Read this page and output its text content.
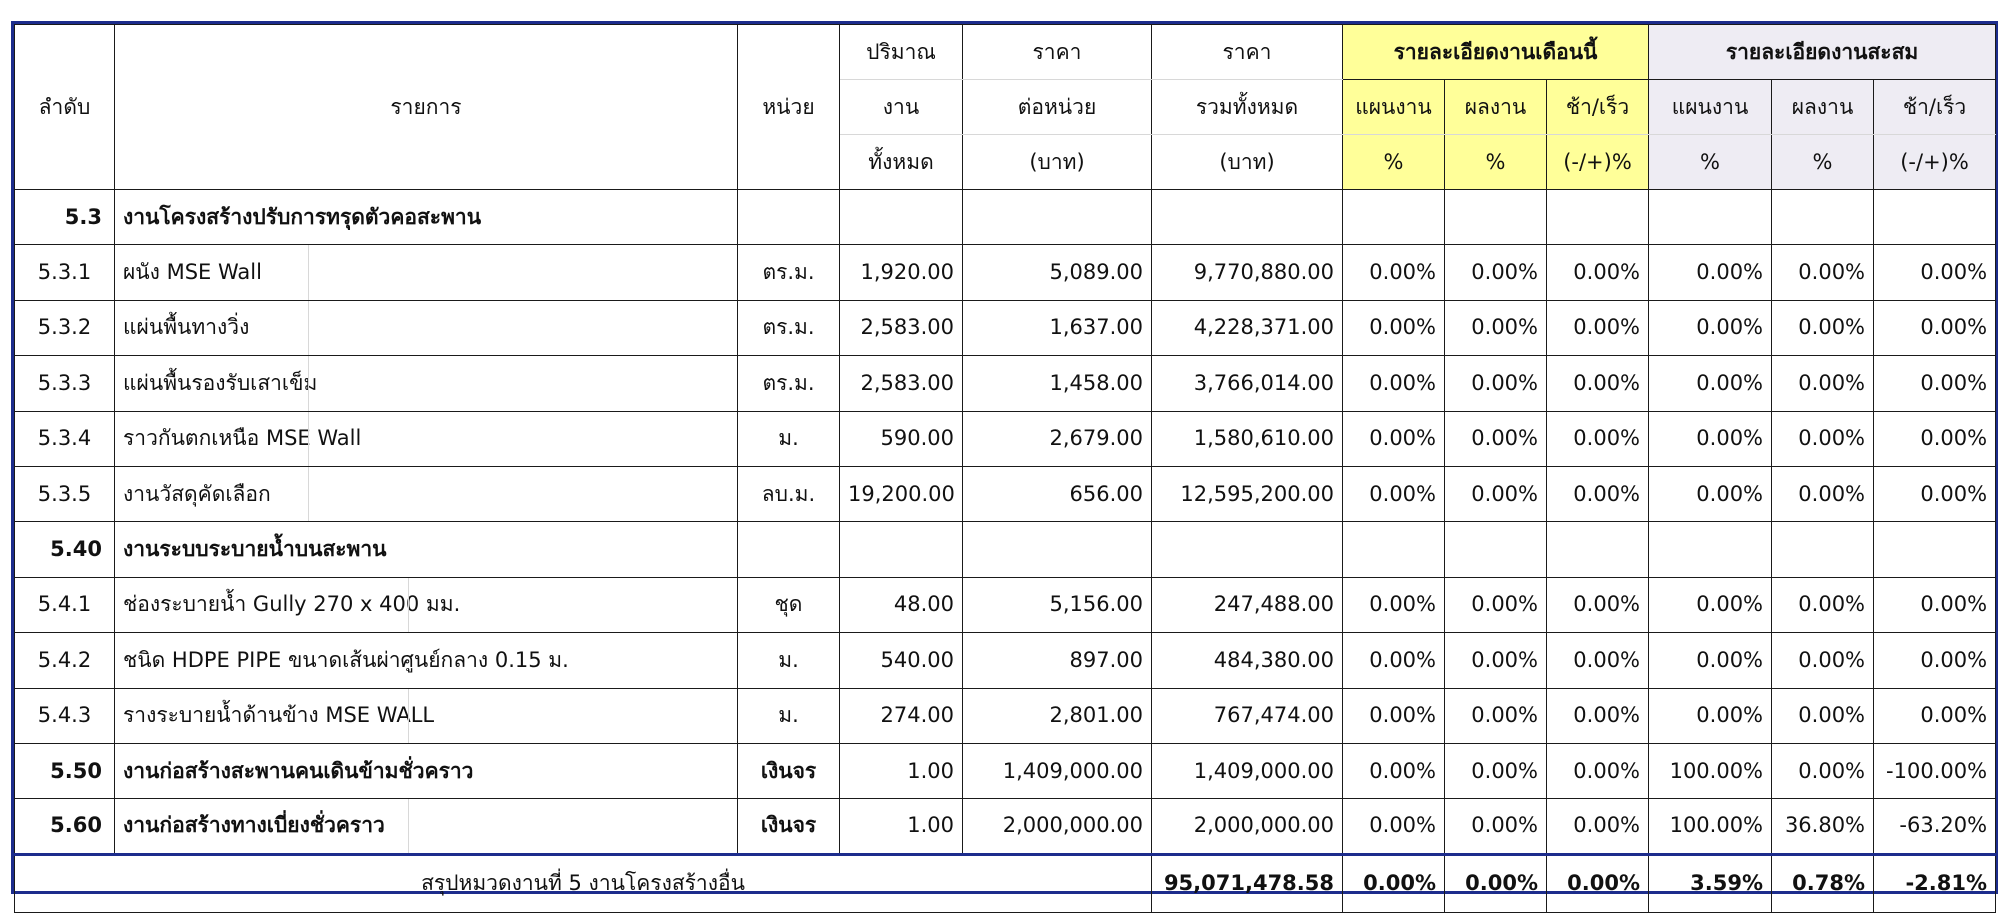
ลำดับ	รายการ	หน่วย	ปริมาณ	ราคา	ราคา	รายละเอียดงานเดือนนี้			รายละเอียดงานสะสม		
			งาน	ต่อหน่วย	รวมทั้งหมด	แผนงาน	ผลงาน	ช้า/เร็ว	แผนงาน	ผลงาน	ช้า/เร็ว
			ทั้งหมด	(บาท)	(บาท)	%	%	(-/+)%	%	%	(-/+)%
5.3	งานโครงสร้างปรับการทรุดตัวคอสะพาน										

5.3.1	ผนัง MSE Wall	ตร.ม.	1,920.00	5,089.00	9,770,880.00	0.00%	0.00%	0.00%	0.00%	0.00%	0.00%
5.3.2	แผ่นพื้นทางวิ่ง	ตร.ม.	2,583.00	1,637.00	4,228,371.00	0.00%	0.00%	0.00%	0.00%	0.00%	0.00%
5.3.3	แผ่นพื้นรองรับเสาเข็ม	ตร.ม.	2,583.00	1,458.00	3,766,014.00	0.00%	0.00%	0.00%	0.00%	0.00%	0.00%
5.3.4	ราวกันตกเหนือ MSE Wall	ม.	590.00	2,679.00	1,580,610.00	0.00%	0.00%	0.00%	0.00%	0.00%	0.00%
5.3.5	งานวัสดุคัดเลือก	ลบ.ม.	19,200.00	656.00	12,595,200.00	0.00%	0.00%	0.00%	0.00%	0.00%	0.00%
5.40	งานระบบระบายน้ำบนสะพาน										

5.4.1	ช่องระบายน้ำ Gully 270 x 400 มม.	ชุด	48.00	5,156.00	247,488.00	0.00%	0.00%	0.00%	0.00%	0.00%	0.00%
5.4.2	ชนิด HDPE PIPE ขนาดเส้นผ่าศูนย์กลาง 0.15 ม.	ม.	540.00	897.00	484,380.00	0.00%	0.00%	0.00%	0.00%	0.00%	0.00%
5.4.3	รางระบายน้ำด้านข้าง MSE WALL	ม.	274.00	2,801.00	767,474.00	0.00%	0.00%	0.00%	0.00%	0.00%	0.00%
5.50	งานก่อสร้างสะพานคนเดินข้ามชั่วคราว	เงินจร	1.00	1,409,000.00	1,409,000.00	0.00%	0.00%	0.00%	100.00%	0.00%	-100.00%
5.60	งานก่อสร้างทางเบี่ยงชั่วคราว	เงินจร	1.00	2,000,000.00	2,000,000.00	0.00%	0.00%	0.00%	100.00%	36.80%	-63.20%
สรุปหมวดงานที่ 5 งานโครงสร้างอื่น					95,071,478.58	0.00%	0.00%	0.00%	3.59%	0.78%	-2.81%
